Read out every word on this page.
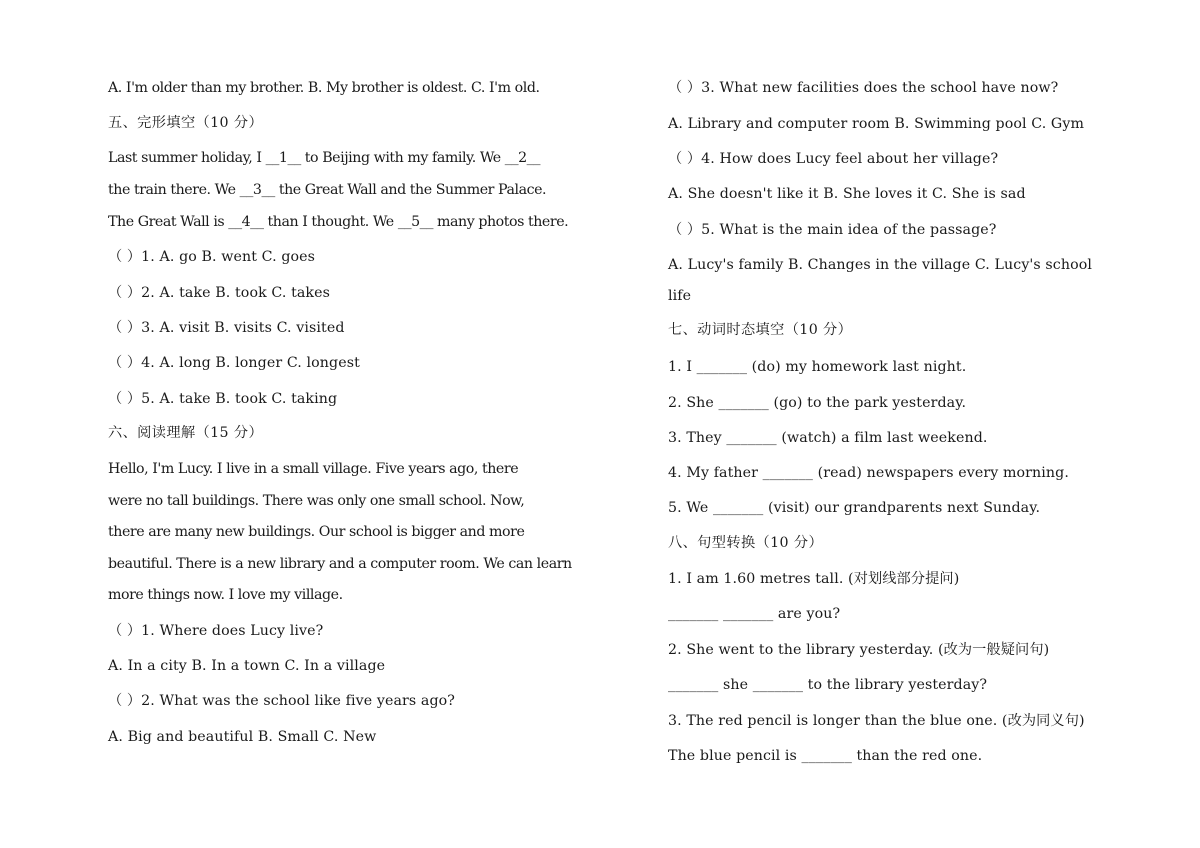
A. I'm older than my brother. B. My brother is oldest. C. I'm old.
五、完形填空（10 分）
Last summer holiday, I __1__ to Beijing with my family. We __2__
the train there. We __3__ the Great Wall and the Summer Palace.
The Great Wall is __4__ than I thought. We __5__ many photos there.
（ ）1. A. go B. went C. goes
（ ）2. A. take B. took C. takes
（ ）3. A. visit B. visits C. visited
（ ）4. A. long B. longer C. longest
（ ）5. A. take B. took C. taking
六、阅读理解（15 分）
Hello, I'm Lucy. I live in a small village. Five years ago, there
were no tall buildings. There was only one small school. Now,
there are many new buildings. Our school is bigger and more
beautiful. There is a new library and a computer room. We can learn
more things now. I love my village.
（ ）1. Where does Lucy live?
A. In a city B. In a town C. In a village
（ ）2. What was the school like five years ago?
A. Big and beautiful B. Small C. New
（ ）3. What new facilities does the school have now?
A. Library and computer room B. Swimming pool C. Gym
（ ）4. How does Lucy feel about her village?
A. She doesn't like it B. She loves it C. She is sad
（ ）5. What is the main idea of the passage?
A. Lucy's family B. Changes in the village C. Lucy's school
life
七、动词时态填空（10 分）
1. I _______ (do) my homework last night.
2. She _______ (go) to the park yesterday.
3. They _______ (watch) a film last weekend.
4. My father _______ (read) newspapers every morning.
5. We _______ (visit) our grandparents next Sunday.
八、句型转换（10 分）
1. I am 1.60 metres tall. (对划线部分提问)
_______ _______ are you?
2. She went to the library yesterday. (改为一般疑问句)
_______ she _______ to the library yesterday?
3. The red pencil is longer than the blue one. (改为同义句)
The blue pencil is _______ than the red one.
